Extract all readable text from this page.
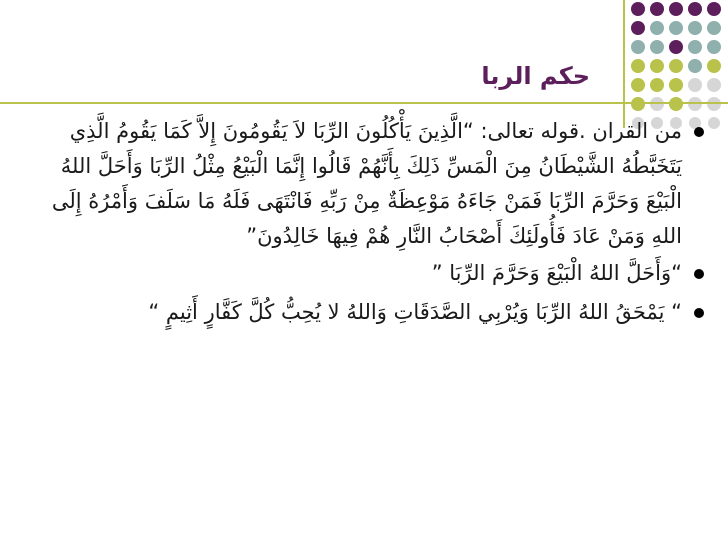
حكم الربا
من القران .قوله تعالى: “الَّذِينَ يَأْكُلُونَ الرِّبَا لاَ يَقُومُونَ إِلاَّ كَمَا يَقُومُ الَّذِي يَتَخَبَّطُهُ الشَّيْطَانُ مِنَ الْمَسِّ ذَلِكَ بِأَنَّهُمْ قَالُوا إِنَّمَا الْبَيْعُ مِثْلُ الرِّبَا وَأَحَلَّ اللهُ الْبَيْعَ وَحَرَّمَ الرِّبَا فَمَنْ جَاءَهُ مَوْعِظَةٌ مِنْ رَبِّهِ فَانْتَهَى فَلَهُ مَا سَلَفَ وَأَمْرُهُ إِلَى اللهِ وَمَنْ عَادَ فَأُولَئِكَ أَصْحَابُ النَّارِ هُمْ فِيهَا خَالِدُونَ”
“وَأَحَلَّ اللهُ الْبَيْعَ وَحَرَّمَ الرِّبَا ”
“ يَمْحَقُ اللهُ الرِّبَا وَيُرْبِي الصَّدَقَاتِ وَاللهُ لا يُحِبُّ كُلَّ كَفَّارٍ أَثِيمٍ “
